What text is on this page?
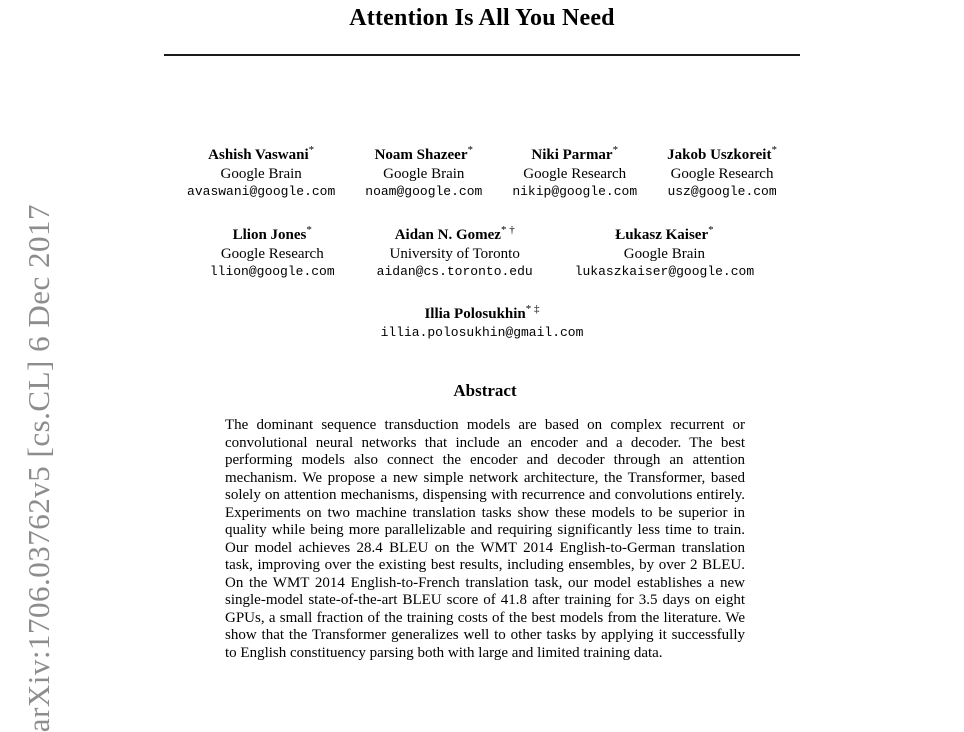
arXiv:1706.03762v5 [cs.CL] 6 Dec 2017
Attention Is All You Need
Ashish Vaswani*
Google Brain
avaswani@google.com
Noam Shazeer*
Google Brain
noam@google.com
Niki Parmar*
Google Research
nikip@google.com
Jakob Uszkoreit*
Google Research
usz@google.com
Llion Jones*
Google Research
llion@google.com
Aidan N. Gomez* †
University of Toronto
aidan@cs.toronto.edu
Łukasz Kaiser*
Google Brain
lukaszkaiser@google.com
Illia Polosukhin* ‡
illia.polosukhin@gmail.com
Abstract

The dominant sequence transduction models are based on complex recurrent or convolutional neural networks that include an encoder and a decoder. The best performing models also connect the encoder and decoder through an attention mechanism. We propose a new simple network architecture, the Transformer, based solely on attention mechanisms, dispensing with recurrence and convolutions entirely. Experiments on two machine translation tasks show these models to be superior in quality while being more parallelizable and requiring significantly less time to train. Our model achieves 28.4 BLEU on the WMT 2014 English-to-German translation task, improving over the existing best results, including ensembles, by over 2 BLEU. On the WMT 2014 English-to-French translation task, our model establishes a new single-model state-of-the-art BLEU score of 41.8 after training for 3.5 days on eight GPUs, a small fraction of the training costs of the best models from the literature. We show that the Transformer generalizes well to other tasks by applying it successfully to English constituency parsing both with large and limited training data.
